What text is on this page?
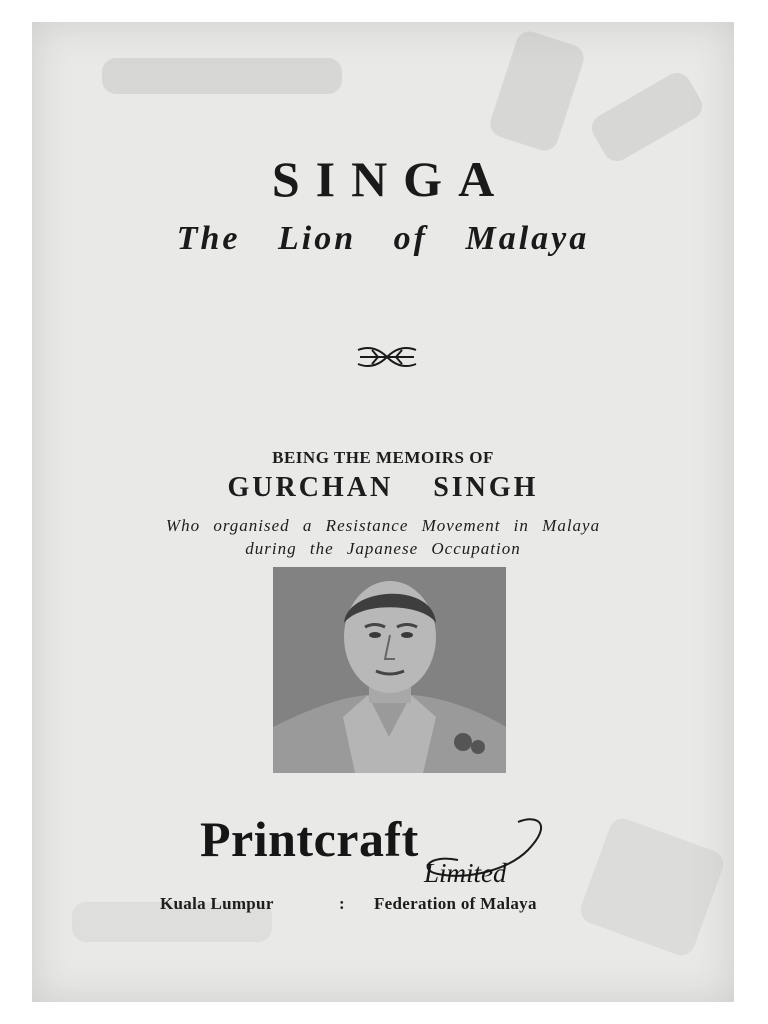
SINGA
The Lion of Malaya
BEING THE MEMOIRS OF
GURCHAN SINGH
Who organised a Resistance Movement in Malaya
during the Japanese Occupation
Printcraft
Limited
Kuala Lumpur	: Federation of Malaya
